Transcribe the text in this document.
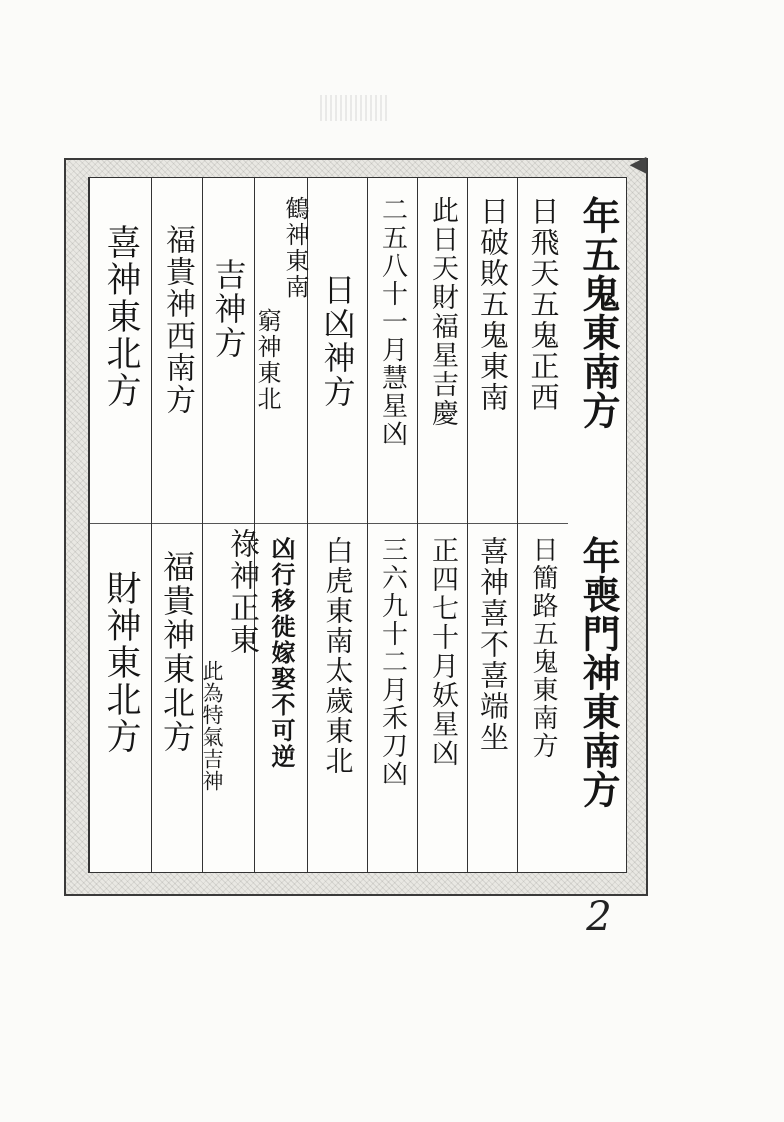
年五鬼東南方
年喪門神東南方
日飛天五鬼正西
日簡路五鬼東南方
日破敗五鬼東南
喜神喜不喜端坐
此日天財福星吉慶
正四七十月妖星凶
二五八十一月慧星凶
三六九十二月禾刀凶
日凶神方
白虎東南太歲東北
鶴神東南
窮神東北
凶行移徙嫁娶不可逆
吉神方
祿神正東
此為特氣吉神
福貴神西南方
福貴神東北方
喜神東北方
財神東北方
◀
2
